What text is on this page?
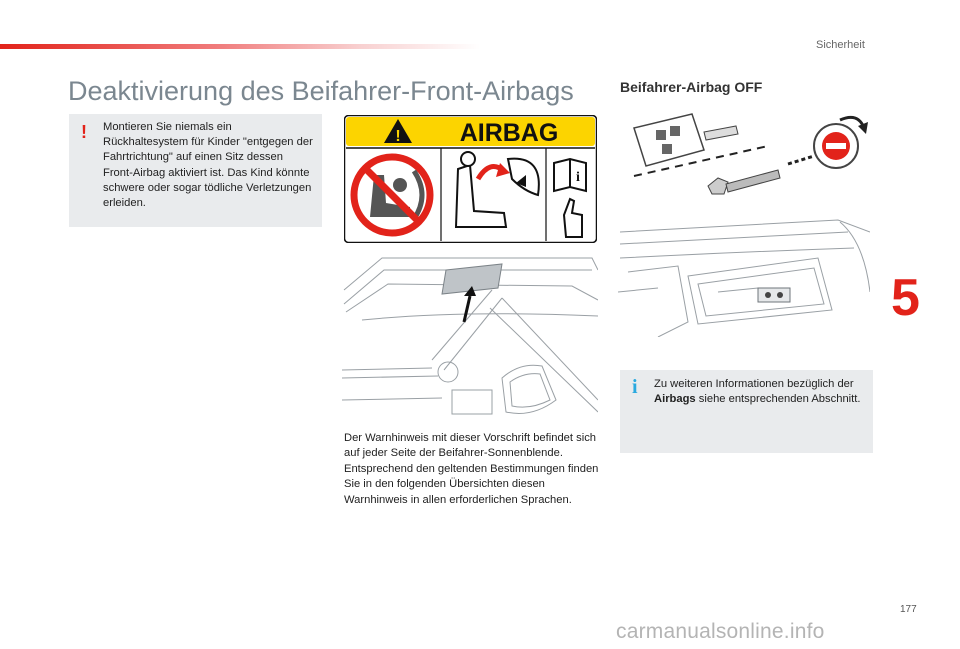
Sicherheit
5
177
Deaktivierung des Beifahrer-Front-Airbags
! Montieren Sie niemals ein Rückhaltesystem für Kinder "entgegen der Fahrtrichtung" auf einen Sitz dessen Front-Airbag aktiviert ist. Das Kind könnte schwere oder sogar tödliche Verletzungen erleiden.
! AIRBAG
i
Der Warnhinweis mit dieser Vorschrift befindet sich auf jeder Seite der Beifahrer-Sonnenblende. Entsprechend den geltenden Bestimmungen finden Sie in den folgenden Übersichten diesen Warnhinweis in allen erforderlichen Sprachen.
Beifahrer-Airbag OFF
i Zu weiteren Informationen bezüglich der Airbags siehe entsprechenden Abschnitt.
carmanualsonline.info
